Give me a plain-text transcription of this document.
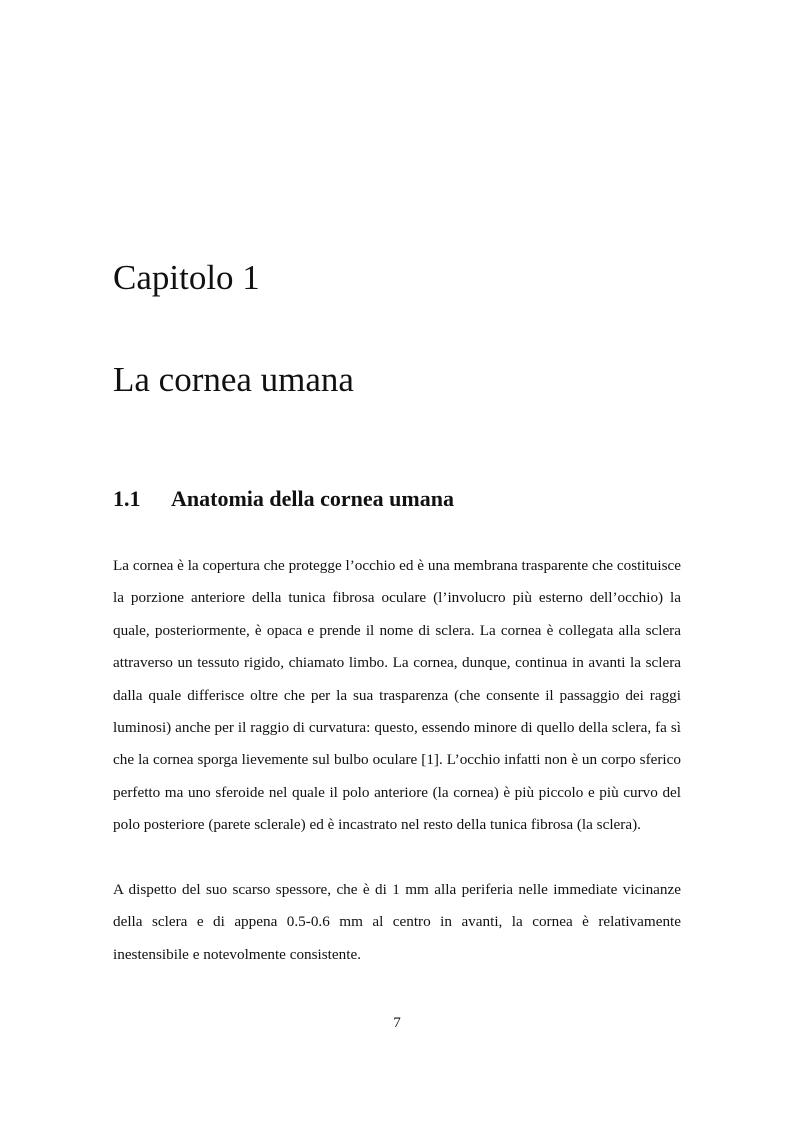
Capitolo 1
La cornea umana
1.1 Anatomia della cornea umana

La cornea è la copertura che protegge l’occhio ed è una membrana trasparente che costituisce la porzione anteriore della tunica fibrosa oculare (l’involucro più esterno dell’occhio) la quale, posteriormente, è opaca e prende il nome di sclera. La cornea è collegata alla sclera attraverso un tessuto rigido, chiamato limbo. La cornea, dunque, continua in avanti la sclera dalla quale differisce oltre che per la sua trasparenza (che consente il passaggio dei raggi luminosi) anche per il raggio di curvatura: questo, essendo minore di quello della sclera, fa sì che la cornea sporga lievemente sul bulbo oculare [1]. L’occhio infatti non è un corpo sferico perfetto ma uno sferoide nel quale il polo anteriore (la cornea) è più piccolo e più curvo del polo posteriore (parete sclerale) ed è incastrato nel resto della tunica fibrosa (la sclera).

A dispetto del suo scarso spessore, che è di 1 mm alla periferia nelle immediate vicinanze della sclera e di appena 0.5-0.6 mm al centro in avanti, la cornea è relativamente inestensibile e notevolmente consistente.

7
